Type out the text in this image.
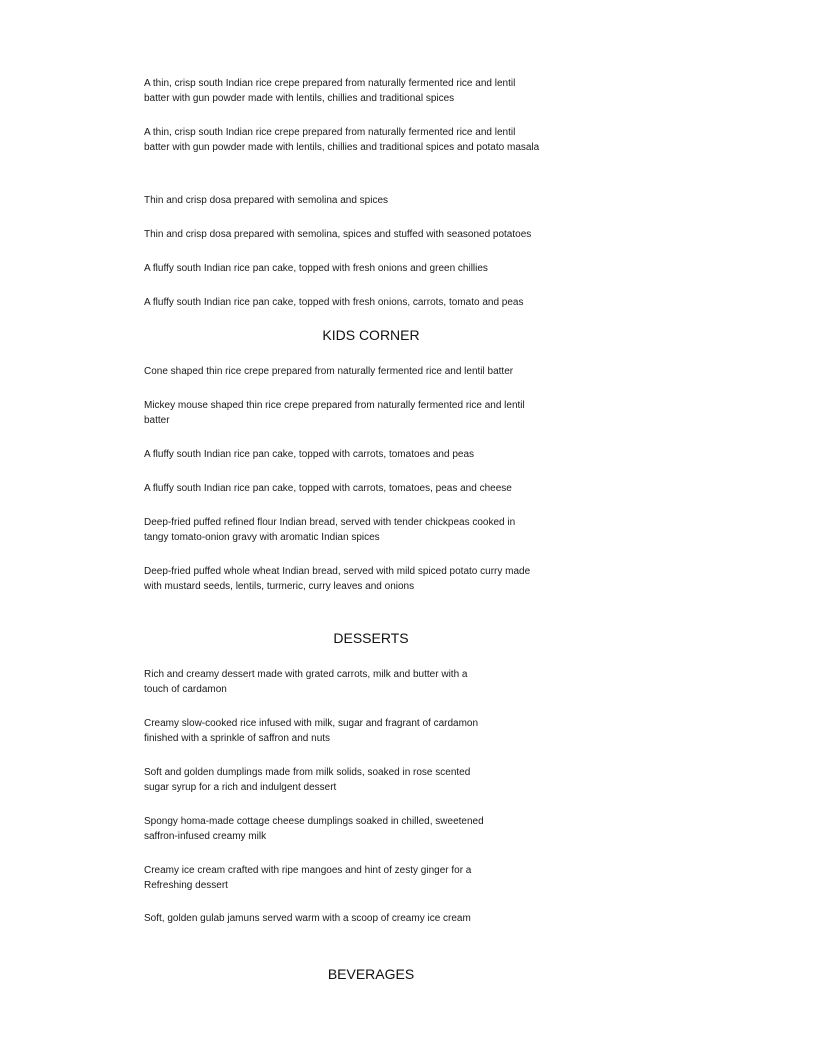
A thin, crisp south Indian rice crepe prepared from naturally fermented rice and lentil
batter with gun powder made with lentils, chillies and traditional spices
A thin, crisp south Indian rice crepe prepared from naturally fermented rice and lentil
batter with gun powder made with lentils, chillies and traditional spices and potato masala
Thin and crisp dosa prepared with semolina and spices
Thin and crisp dosa prepared with semolina, spices and stuffed with seasoned potatoes
A fluffy south Indian rice pan cake, topped with fresh onions and green chillies
A fluffy south Indian rice pan cake, topped with fresh onions, carrots, tomato and peas
KIDS CORNER
Cone shaped thin rice crepe prepared from naturally fermented rice and lentil batter
Mickey mouse shaped thin rice crepe prepared from naturally fermented rice and lentil
batter
A fluffy south Indian rice pan cake, topped with carrots, tomatoes and peas
A fluffy south Indian rice pan cake, topped with carrots, tomatoes, peas and cheese
Deep-fried puffed refined flour Indian bread, served with tender chickpeas cooked in
tangy tomato-onion gravy with aromatic Indian spices
Deep-fried puffed whole wheat Indian bread, served with mild spiced potato curry made
with mustard seeds, lentils, turmeric, curry leaves and onions
DESSERTS
Rich and creamy dessert made with grated carrots, milk and butter with a
touch of cardamon
Creamy slow-cooked rice infused with milk, sugar and fragrant of cardamon
finished with a sprinkle of saffron and nuts
Soft and golden dumplings made from milk solids, soaked in rose scented
sugar syrup for a rich and indulgent dessert
Spongy homa-made cottage cheese dumplings soaked in chilled, sweetened
saffron-infused creamy milk
Creamy ice cream crafted with ripe mangoes and hint of zesty ginger for a
Refreshing dessert
Soft, golden gulab jamuns served warm with a scoop of creamy ice cream
BEVERAGES
